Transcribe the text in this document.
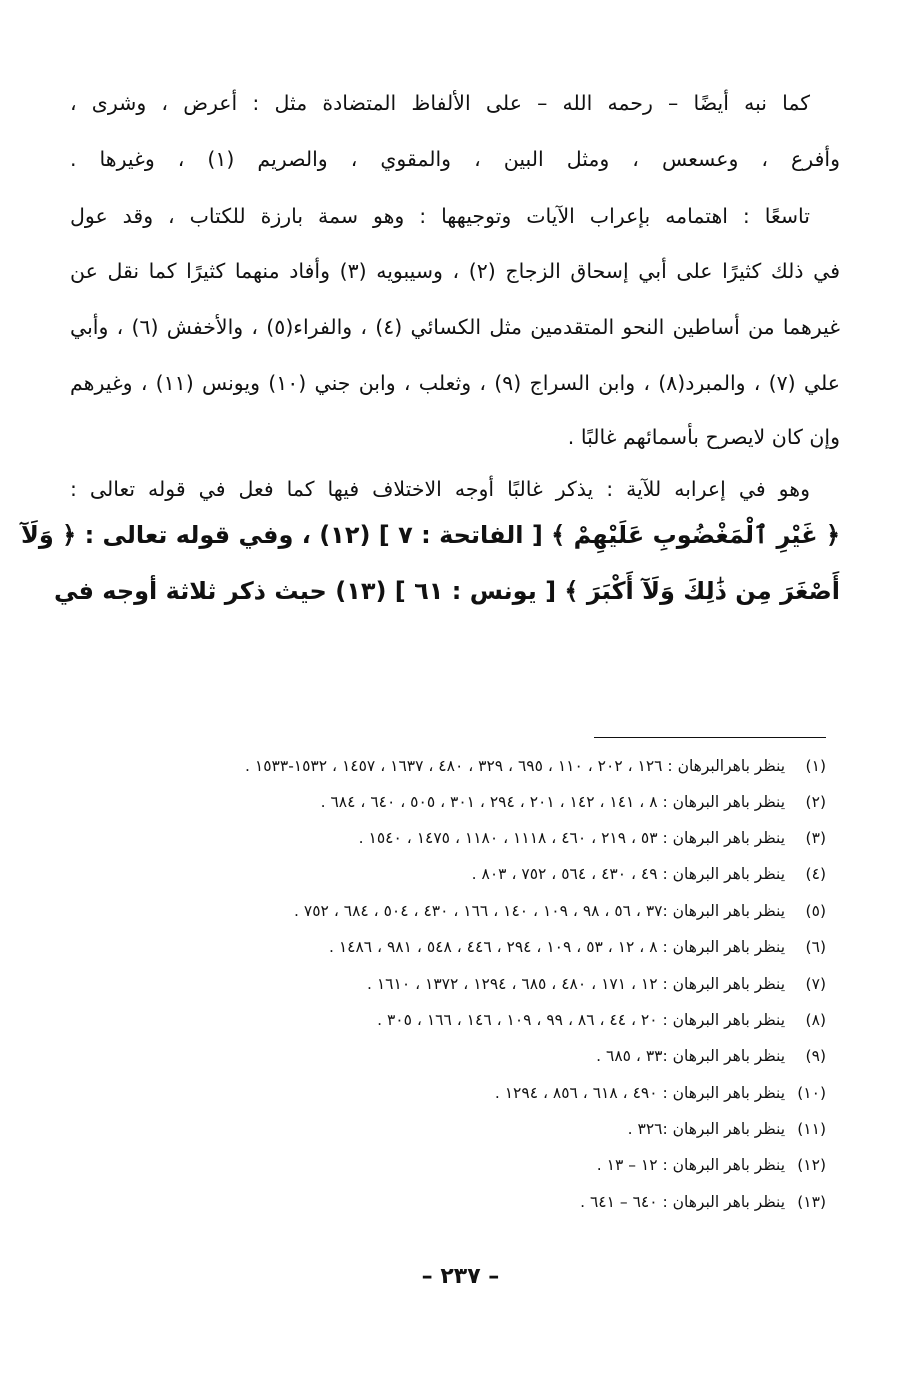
كما نبه أيضًا – رحمه الله – على الألفاظ المتضادة مثل : أعرض ، وشرى ،
وأفرع ، وعسعس ، ومثل البين ، والمقوي ، والصريم (١) ، وغيرها .
تاسعًا : اهتمامه بإعراب الآيات وتوجيهها : وهو سمة بارزة للكتاب ، وقد عول
في ذلك كثيرًا على أبي إسحاق الزجاج (٢) ، وسيبويه (٣) وأفاد منهما كثيرًا كما نقل عن
غيرهما من أساطين النحو المتقدمين مثل الكسائي (٤) ، والفراء(٥) ، والأخفش (٦) ، وأبي
علي (٧) ، والمبرد(٨) ، وابن السراج (٩) ، وثعلب ، وابن جني (١٠) ويونس (١١) ، وغيرهم
وإن كان لايصرح بأسمائهم غالبًا .
وهو في إعرابه للآية : يذكر غالبًا أوجه الاختلاف فيها كما فعل في قوله تعالى :
﴿ غَيْرِ ٱلْمَغْضُوبِ عَلَيْهِمْ ﴾ [ الفاتحة : ٧ ] (١٢) ، وفي قوله تعالى : ﴿ وَلَآ
أَصْغَرَ مِن ذَٰلِكَ وَلَآ أَكْبَرَ ﴾ [ يونس : ٦١ ] (١٣) حيث ذكر ثلاثة أوجه في
(١) ينظر باهرالبرهان : ١٢٦ ، ٢٠٢ ، ١١٠ ، ٦٩٥ ، ٣٢٩ ، ٤٨٠ ، ١٦٣٧ ، ١٤٥٧ ، ١٥٣٢-١٥٣٣ .
(٢) ينظر باهر البرهان : ٨ ، ١٤١ ، ١٤٢ ، ٢٠١ ، ٢٩٤ ، ٣٠١ ، ٥٠٥ ، ٦٤٠ ، ٦٨٤ .
(٣) ينظر باهر البرهان : ٥٣ ، ٢١٩ ، ٤٦٠ ، ١١١٨ ، ١١٨٠ ، ١٤٧٥ ، ١٥٤٠ .
(٤) ينظر باهر البرهان : ٤٩ ، ٤٣٠ ، ٥٦٤ ، ٧٥٢ ، ٨٠٣ .
(٥) ينظر باهر البرهان :٣٧ ، ٥٦ ، ٩٨ ، ١٠٩ ، ١٤٠ ، ١٦٦ ، ٤٣٠ ، ٥٠٤ ، ٦٨٤ ، ٧٥٢ .
(٦) ينظر باهر البرهان : ٨ ، ١٢ ، ٥٣ ، ١٠٩ ، ٢٩٤ ، ٤٤٦ ، ٥٤٨ ، ٩٨١ ، ١٤٨٦ .
(٧) ينظر باهر البرهان : ١٢ ، ١٧١ ، ٤٨٠ ، ٦٨٥ ، ١٢٩٤ ، ١٣٧٢ ، ١٦١٠ .
(٨) ينظر باهر البرهان : ٢٠ ، ٤٤ ، ٨٦ ، ٩٩ ، ١٠٩ ، ١٤٦ ، ١٦٦ ، ٣٠٥ .
(٩) ينظر باهر البرهان :٣٣ ، ٦٨٥ .
(١٠) ينظر باهر البرهان : ٤٩٠ ، ٦١٨ ، ٨٥٦ ، ١٢٩٤ .
(١١) ينظر باهر البرهان :٣٢٦ .
(١٢) ينظر باهر البرهان : ١٢ – ١٣ .
(١٣) ينظر باهر البرهان : ٦٤٠ – ٦٤١ .
– ٢٣٧ –
